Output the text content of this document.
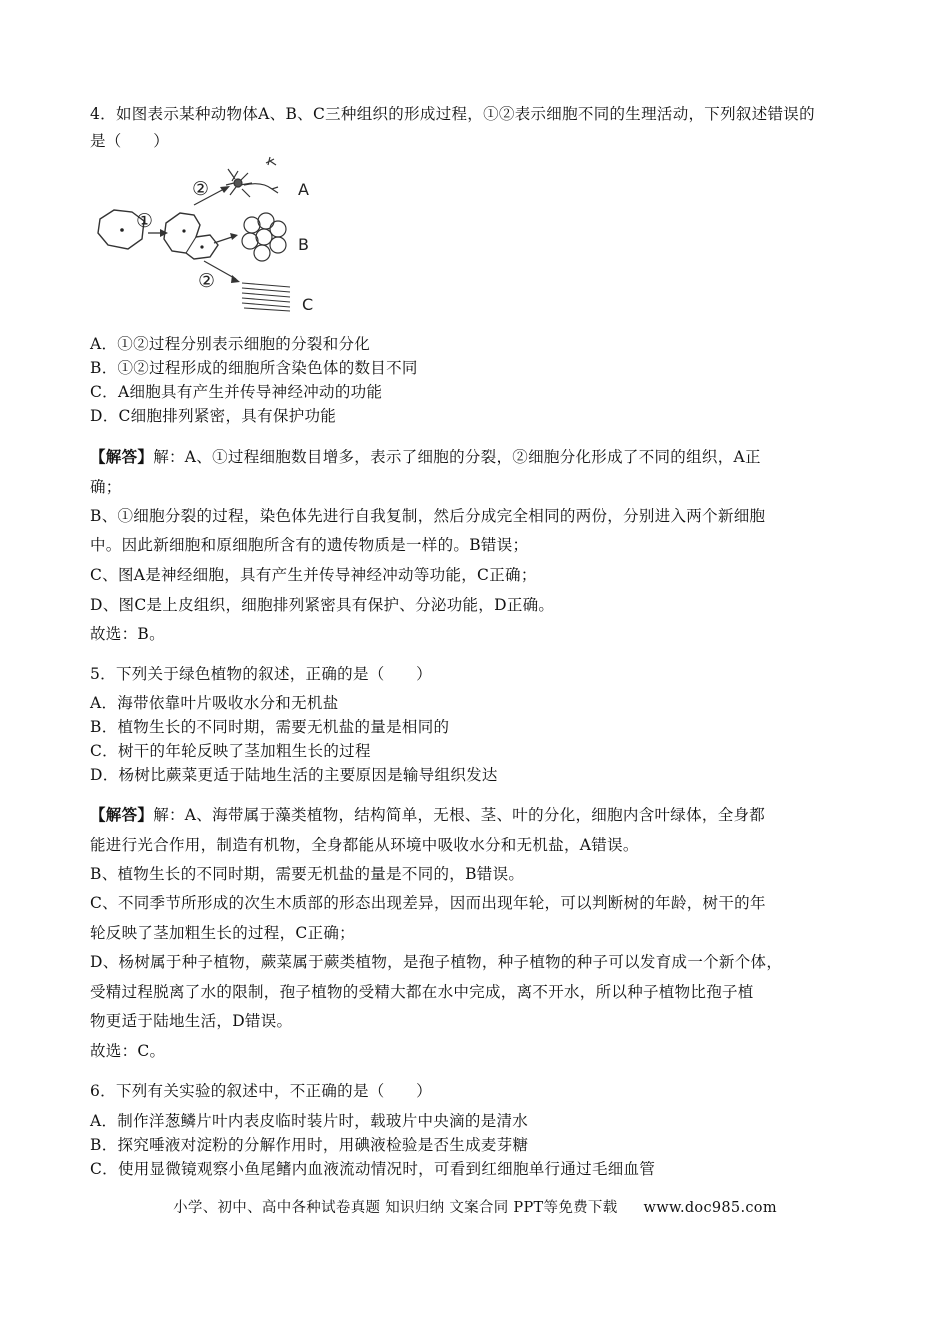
4．如图表示某种动物体A、B、C三种组织的形成过程，①②表示细胞不同的生理活动，下列叙述错误的
是（　　）
①
②	A
B
②
C
A．①②过程分别表示细胞的分裂和分化
B．①②过程形成的细胞所含染色体的数目不同
C．A细胞具有产生并传导神经冲动的功能
D．C细胞排列紧密，具有保护功能
【解答】解：A、①过程细胞数目增多，表示了细胞的分裂，②细胞分化形成了不同的组织，A正
确；
B、①细胞分裂的过程，染色体先进行自我复制，然后分成完全相同的两份，分别进入两个新细胞
中。因此新细胞和原细胞所含有的遗传物质是一样的。B错误；
C、图A是神经细胞，具有产生并传导神经冲动等功能，C正确；
D、图C是上皮组织，细胞排列紧密具有保护、分泌功能，D正确。
故选：B。
5．下列关于绿色植物的叙述，正确的是（　　）
A．海带依靠叶片吸收水分和无机盐
B．植物生长的不同时期，需要无机盐的量是相同的
C．树干的年轮反映了茎加粗生长的过程
D．杨树比蕨菜更适于陆地生活的主要原因是输导组织发达
【解答】解：A、海带属于藻类植物，结构简单，无根、茎、叶的分化，细胞内含叶绿体，全身都
能进行光合作用，制造有机物，全身都能从环境中吸收水分和无机盐，A错误。
B、植物生长的不同时期，需要无机盐的量是不同的，B错误。
C、不同季节所形成的次生木质部的形态出现差异，因而出现年轮，可以判断树的年龄，树干的年
轮反映了茎加粗生长的过程，C正确；
D、杨树属于种子植物，蕨菜属于蕨类植物，是孢子植物，种子植物的种子可以发育成一个新个体，
受精过程脱离了水的限制，孢子植物的受精大都在水中完成，离不开水，所以种子植物比孢子植
物更适于陆地生活，D错误。
故选：C。
6．下列有关实验的叙述中，不正确的是（　　）
A．制作洋葱鳞片叶内表皮临时装片时，载玻片中央滴的是清水
B．探究唾液对淀粉的分解作用时，用碘液检验是否生成麦芽糖
C．使用显微镜观察小鱼尾鳍内血液流动情况时，可看到红细胞单行通过毛细血管
小学、初中、高中各种试卷真题 知识归纳 文案合同 PPT等免费下载 www.doc985.com
